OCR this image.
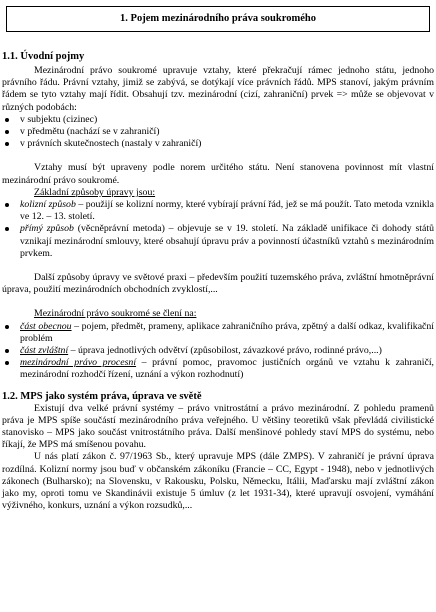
1. Pojem mezinárodního práva soukromého
1.1. Úvodní pojmy

Mezinárodní právo soukromé upravuje vztahy, které překračují rámec jednoho státu, jednoho právního řádu. Právní vztahy, jimiž se zabývá, se dotýkají více právních řádů. MPS stanoví, jakým právním řádem se tyto vztahy mají řídit. Obsahují tzv. mezinárodní (cizí, zahraniční) prvek => může se objevovat v různých podobách:

v subjektu (cizinec)
v předmětu (nachází se v zahraničí)
v právních skutečnostech (nastaly v zahraničí)

Vztahy musí být upraveny podle norem určitého státu. Není stanovena povinnost mít vlastní mezinárodní právo soukromé.

Základní způsoby úpravy jsou:

kolizní způsob – použijí se kolizní normy, které vybírají právní řád, jež se má použít. Tato metoda vznikla ve 12. – 13. století.
přímý způsob (věcněprávní metoda) – objevuje se v 19. století. Na základě unifikace či dohody států vznikají mezinárodní smlouvy, které obsahují úpravu práv a povinností účastníků vztahů s mezinárodním prvkem.

Další způsoby úpravy ve světové praxi – především použití tuzemského práva, zvláštní hmotněprávní úprava, použití mezinárodních obchodních zvyklostí,...

Mezinárodní právo soukromé se člení na:

část obecnou – pojem, předmět, prameny, aplikace zahraničního práva, zpětný a další odkaz, kvalifikační problém
část zvláštní – úprava jednotlivých odvětví (způsobilost, závazkové právo, rodinné právo,...)
mezinárodní právo procesní – právní pomoc, pravomoc justičních orgánů ve vztahu k zahraničí, mezinárodní rozhodčí řízení, uznání a výkon rozhodnutí)
1.2. MPS jako systém práva, úprava ve světě

Existují dva velké právní systémy – právo vnitrostátní a právo mezinárodní. Z pohledu pramenů práva je MPS spíše součástí mezinárodního práva veřejného. U většiny teoretiků však převládá civilistické stanovisko – MPS jako součást vnitrostátního práva. Další menšinové pohledy staví MPS do systému, nebo říkají, že MPS má smíšenou povahu.

U nás platí zákon č. 97/1963 Sb., který upravuje MPS (dále ZMPS). V zahraničí je právní úprava rozdílná. Kolizní normy jsou buď v občanském zákoníku (Francie – CC, Egypt - 1948), nebo v jednotlivých zákonech (Bulharsko); na Slovensku, v Rakousku, Polsku, Německu, Itálii, Maďarsku mají zvláštní zákon jako my, oproti tomu ve Skandinávii existuje 5 úmluv (z let 1931-34), které upravují osvojení, vymáhání výživného, konkurs, uznání a výkon rozsudků,...
